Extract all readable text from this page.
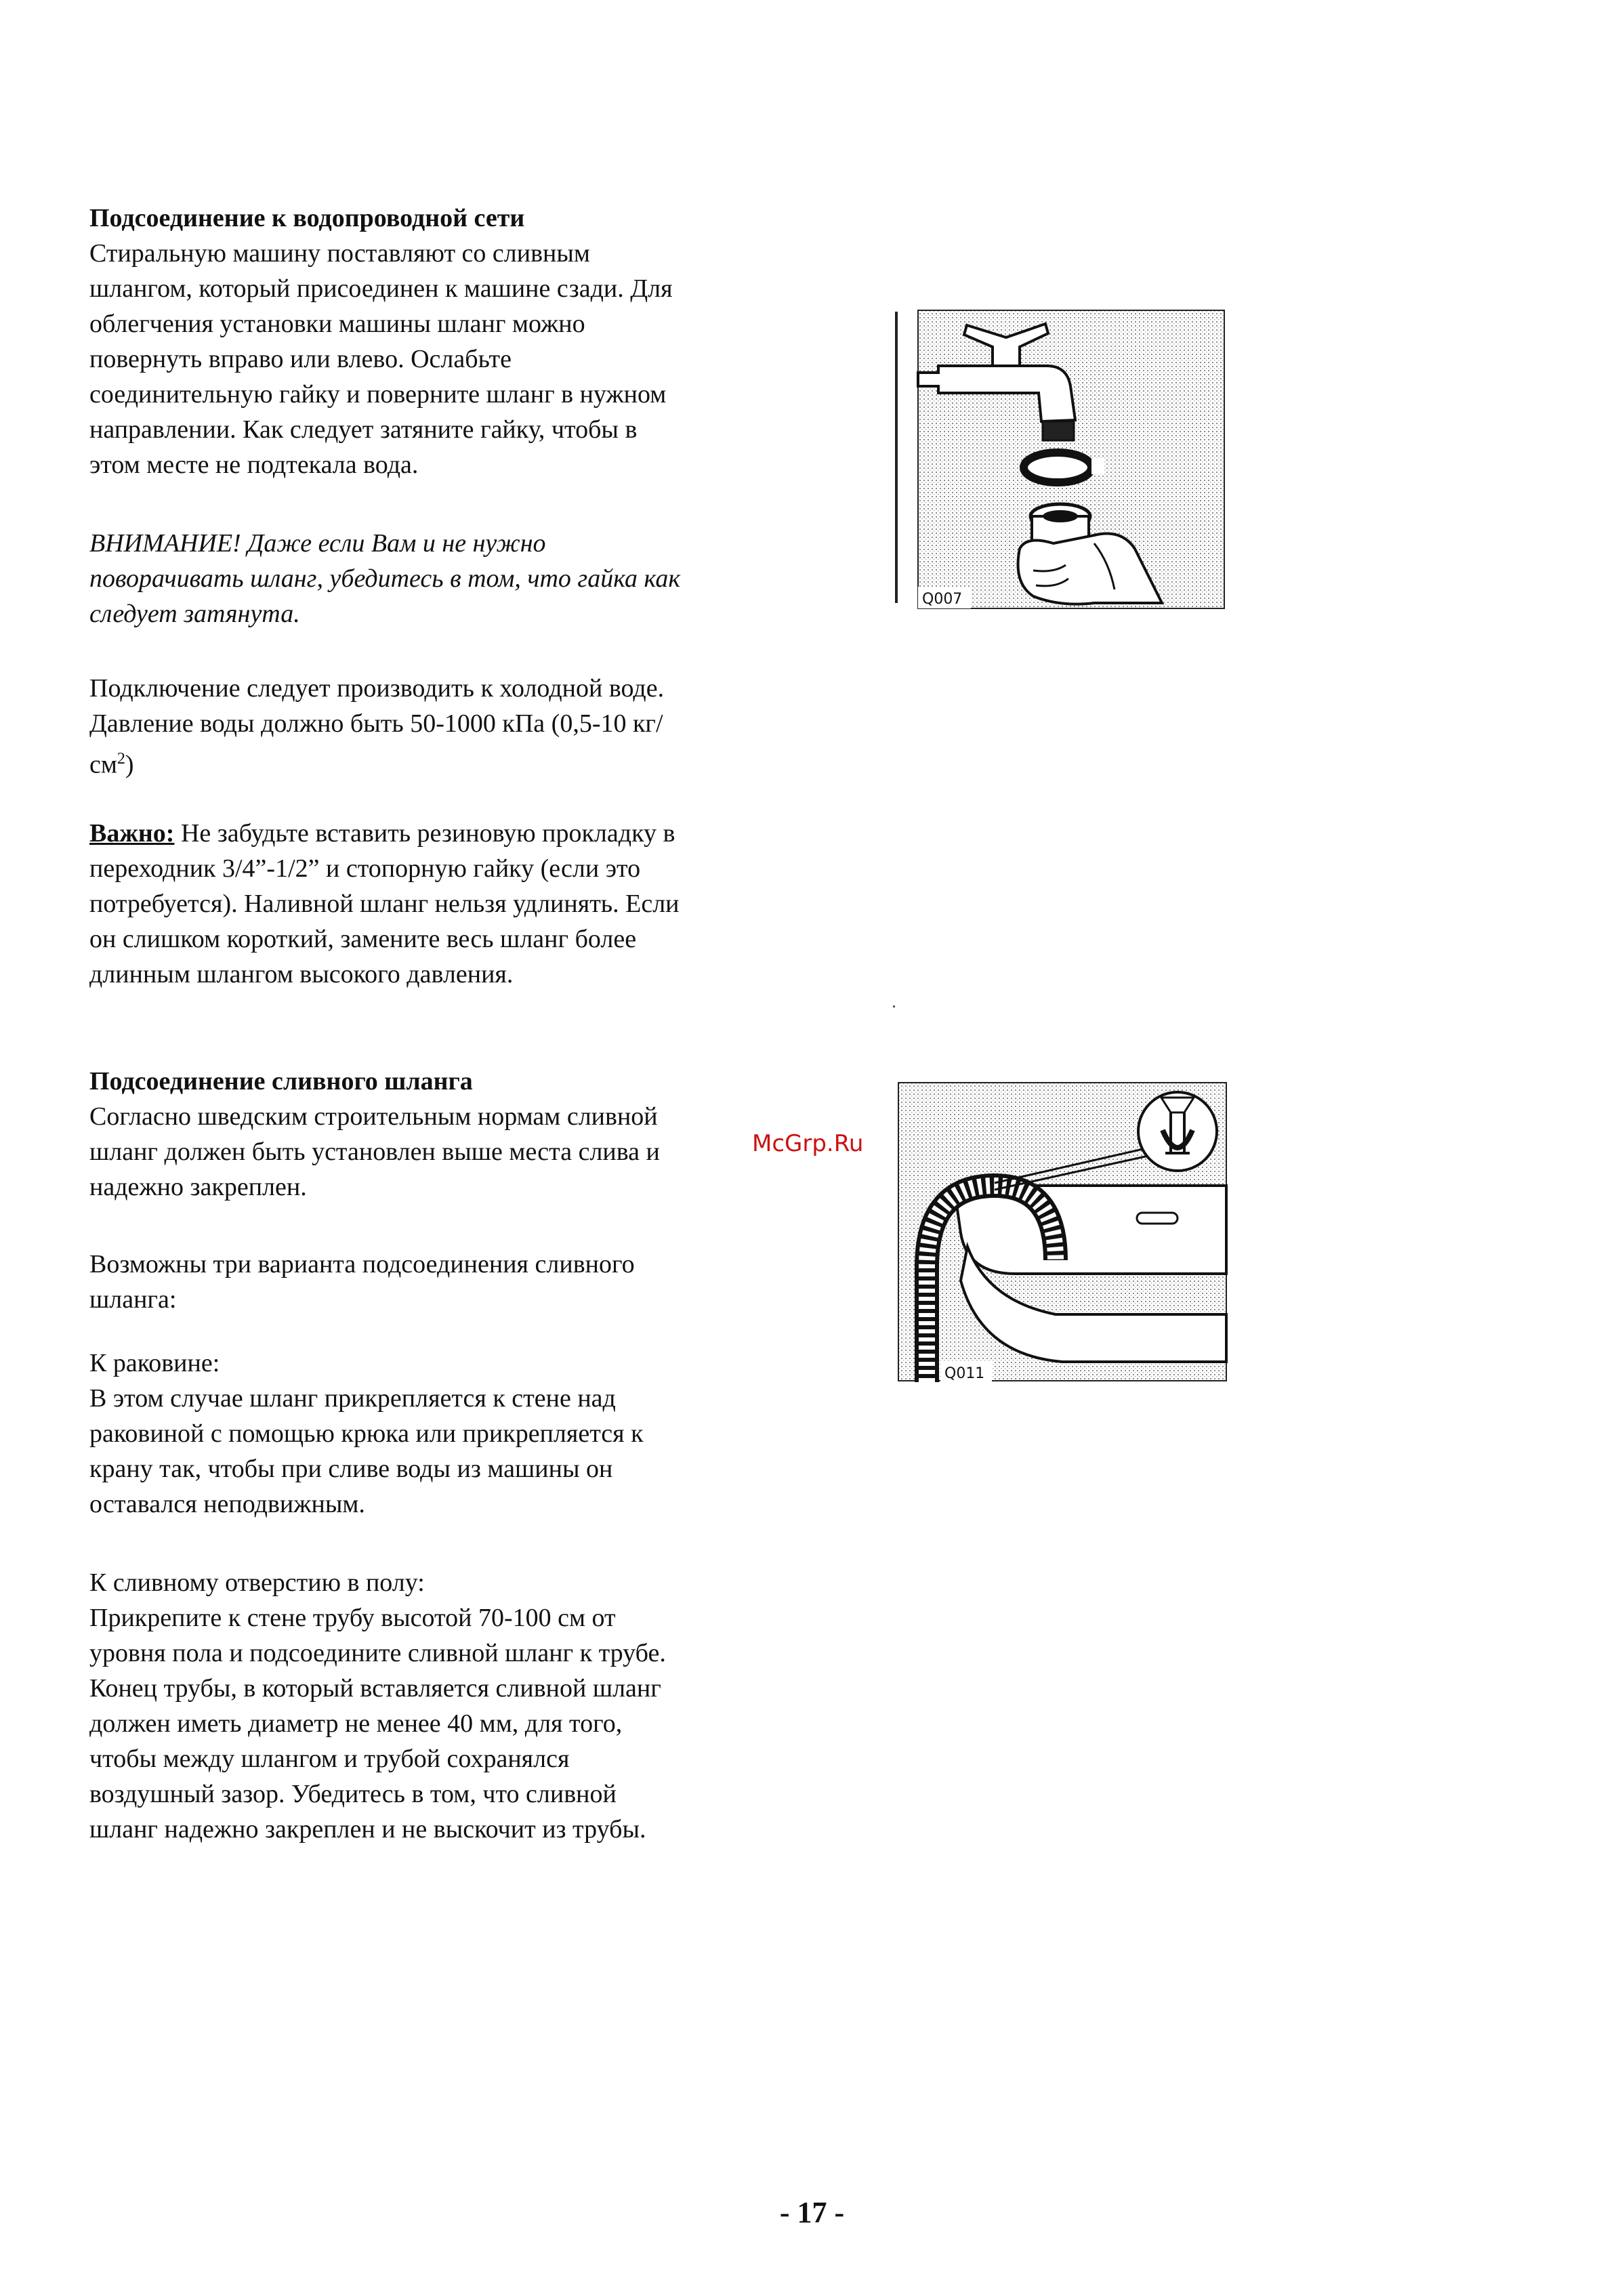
Подсоединение к водопроводной сети
Стиральную машину поставляют со сливным
шлангом, который присоединен к машине сзади. Для
облегчения установки машины шланг можно
повернуть вправо или влево. Ослабьте
соединительную гайку и поверните шланг в нужном
направлении. Как следует затяните гайку, чтобы в
этом месте не подтекала вода.
ВНИМАНИЕ! Даже если Вам и не нужно
поворачивать шланг, убедитесь в том, что гайка как
следует затянута.
Подключение следует производить к холодной воде.
Давление воды должно быть 50-1000 кПа (0,5-10 кг/
$см^2$)
Важно: Не забудьте вставить резиновую прокладку в
переходник 3/4”-1/2” и стопорную гайку (если это
потребуется). Наливной шланг нельзя удлинять. Если
он слишком короткий, замените весь шланг более
длинным шлангом высокого давления.
Подсоединение сливного шланга
Согласно шведским строительным нормам сливной
шланг должен быть установлен выше места слива и
надежно закреплен.
Возможны три варианта подсоединения сливного
шланга:
К раковине:
В этом случае шланг прикрепляется к стене над
раковиной с помощью крюка или прикрепляется к
крану так, чтобы при сливе воды из машины он
оставался неподвижным.
К сливному отверстию в полу:
Прикрепите к стене трубу высотой 70-100 см от
уровня пола и подсоедините сливной шланг к трубе.
Конец трубы, в который вставляется сливной шланг
должен иметь диаметр не менее 40 мм, для того,
чтобы между шлангом и трубой сохранялся
воздушный зазор. Убедитесь в том, что сливной
шланг надежно закреплен и не выскочит из трубы.
Q007
Q011
McGrp.Ru
- 17 -
